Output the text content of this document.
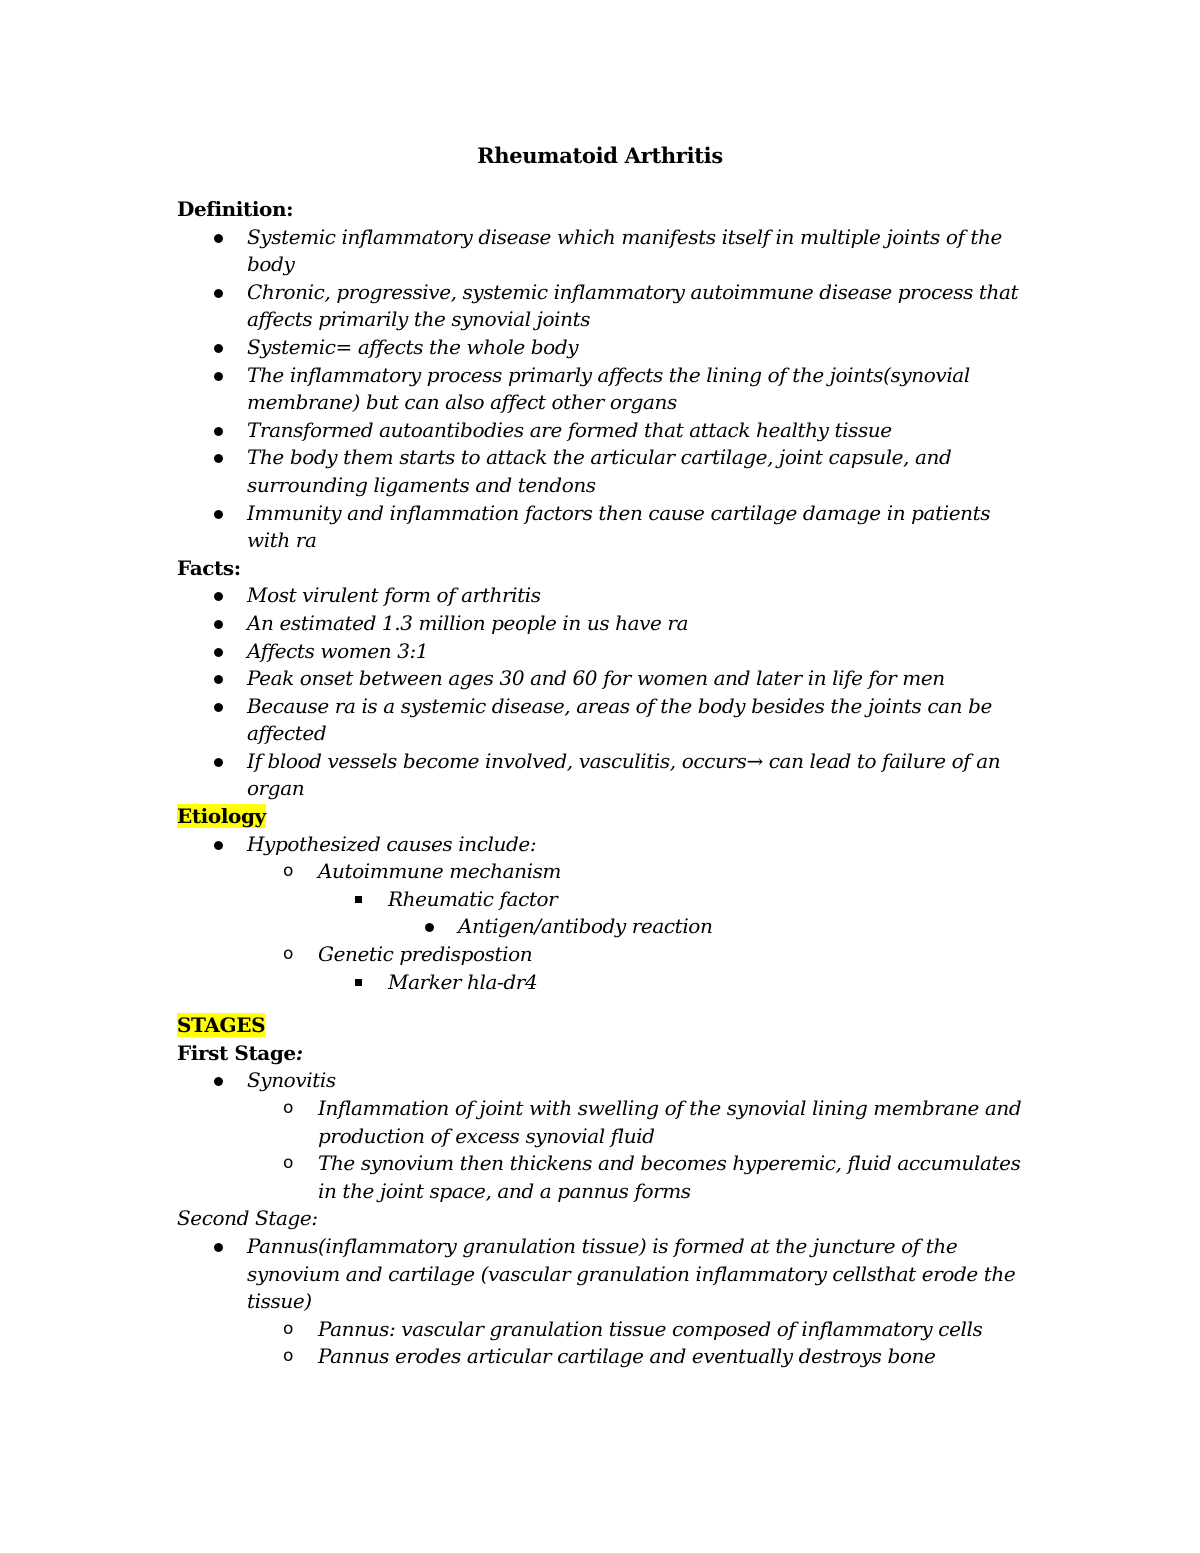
Rheumatoid Arthritis
Definition:
Systemic inflammatory disease which manifests itself in multiple joints of the body
Chronic, progressive, systemic inflammatory autoimmune disease process that affects primarily the synovial joints
Systemic= affects the whole body
The inflammatory process primarly affects the lining of the joints(synovial membrane) but can also affect other organs
Transformed autoantibodies are formed that attack healthy tissue
The body them starts to attack the articular cartilage, joint capsule, and surrounding ligaments and tendons
Immunity and inflammation factors then cause cartilage damage in patients with ra
Facts:
Most virulent form of arthritis
An estimated 1.3 million people in us have ra
Affects women 3:1
Peak onset between ages 30 and 60 for women and later in life for men
Because ra is a systemic disease, areas of the body besides the joints can be affected
If blood vessels become involved, vasculitis, occurs→ can lead to failure of an organ
Etiology
Hypothesized causes include:
o Autoimmune mechanism
Rheumatic factor
Antigen/antibody reaction
o Genetic predispostion
Marker hla-dr4
STAGES
First Stage:
Synovitis
o Inflammation of joint with swelling of the synovial lining membrane and production of excess synovial fluid
o The synovium then thickens and becomes hyperemic, fluid accumulates in the joint space, and a pannus forms
Second Stage:
Pannus(inflammatory granulation tissue) is formed at the juncture of the synovium and cartilage (vascular granulation inflammatory cellsthat erode the tissue)
o Pannus: vascular granulation tissue composed of inflammatory cells
o Pannus erodes articular cartilage and eventually destroys bone
